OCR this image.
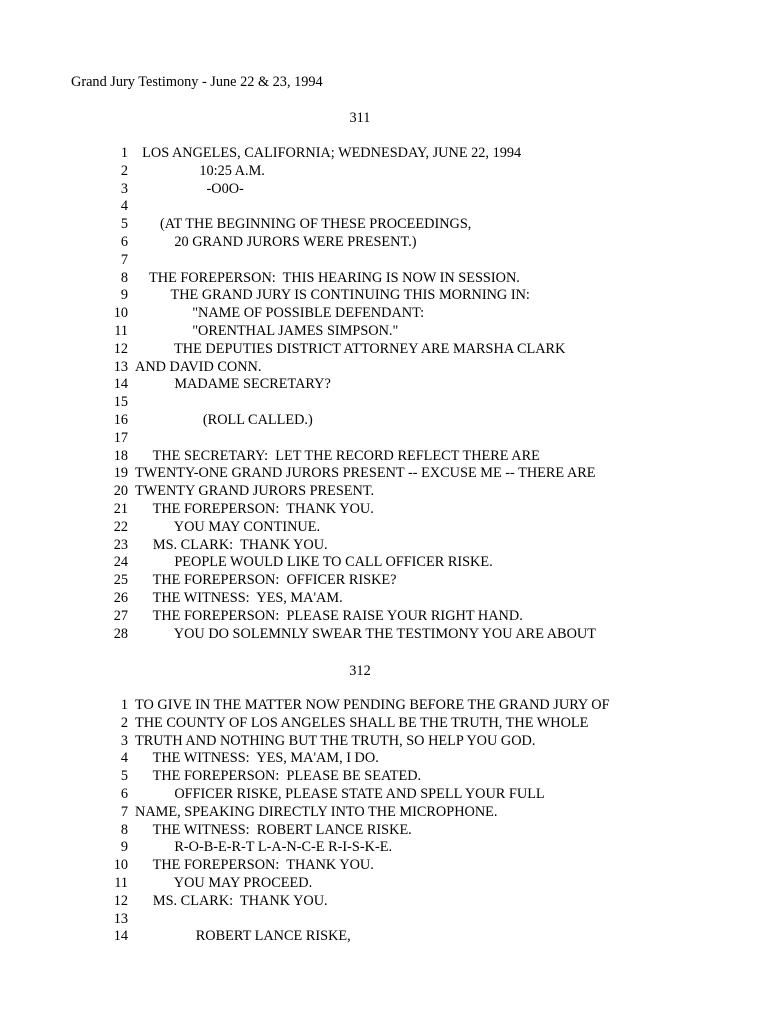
Grand Jury Testimony - June 22 & 23, 1994
311
1 LOS ANGELES, CALIFORNIA; WEDNESDAY, JUNE 22, 1994
2 10:25 A.M.
3 -O0O-
4
5 (AT THE BEGINNING OF THESE PROCEEDINGS,
6 20 GRAND JURORS WERE PRESENT.)
7
8 THE FOREPERSON:  THIS HEARING IS NOW IN SESSION.
9 THE GRAND JURY IS CONTINUING THIS MORNING IN:
10 "NAME OF POSSIBLE DEFENDANT:
11 "ORENTHAL JAMES SIMPSON."
12 THE DEPUTIES DISTRICT ATTORNEY ARE MARSHA CLARK
13 AND DAVID CONN.
14 MADAME SECRETARY?
15
16 (ROLL CALLED.)
17
18 THE SECRETARY:  LET THE RECORD REFLECT THERE ARE
19 TWENTY-ONE GRAND JURORS PRESENT -- EXCUSE ME -- THERE ARE
20 TWENTY GRAND JURORS PRESENT.
21 THE FOREPERSON:  THANK YOU.
22 YOU MAY CONTINUE.
23 MS. CLARK:  THANK YOU.
24 PEOPLE WOULD LIKE TO CALL OFFICER RISKE.
25 THE FOREPERSON:  OFFICER RISKE?
26 THE WITNESS:  YES, MA'AM.
27 THE FOREPERSON:  PLEASE RAISE YOUR RIGHT HAND.
28 YOU DO SOLEMNLY SWEAR THE TESTIMONY YOU ARE ABOUT
312
1 TO GIVE IN THE MATTER NOW PENDING BEFORE THE GRAND JURY OF
2 THE COUNTY OF LOS ANGELES SHALL BE THE TRUTH, THE WHOLE
3 TRUTH AND NOTHING BUT THE TRUTH, SO HELP YOU GOD.
4 THE WITNESS:  YES, MA'AM, I DO.
5 THE FOREPERSON:  PLEASE BE SEATED.
6 OFFICER RISKE, PLEASE STATE AND SPELL YOUR FULL
7 NAME, SPEAKING DIRECTLY INTO THE MICROPHONE.
8 THE WITNESS:  ROBERT LANCE RISKE.
9 R-O-B-E-R-T L-A-N-C-E R-I-S-K-E.
10 THE FOREPERSON:  THANK YOU.
11 YOU MAY PROCEED.
12 MS. CLARK:  THANK YOU.
13
14 ROBERT LANCE RISKE,
